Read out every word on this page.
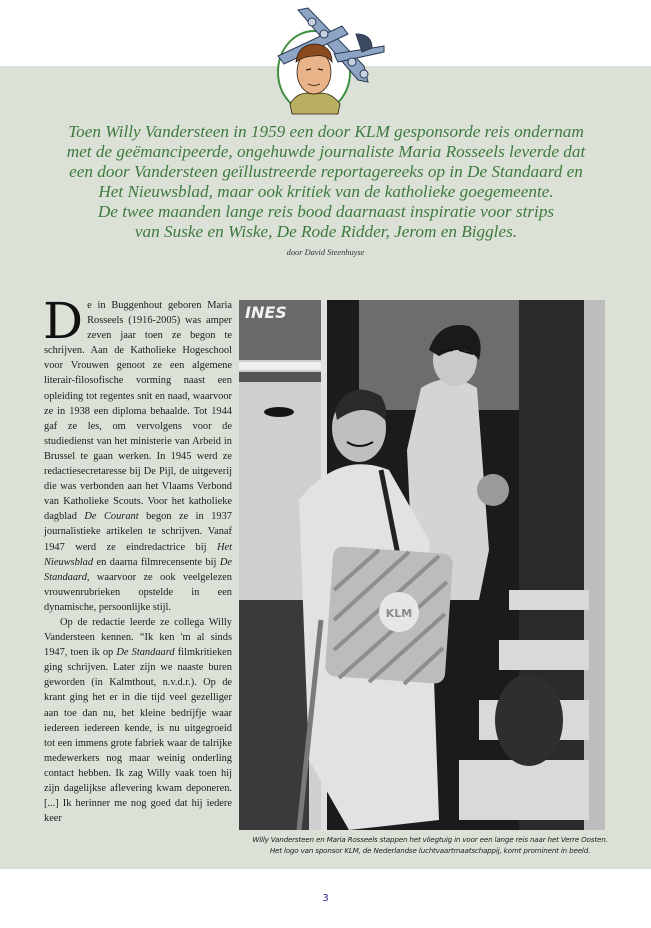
Toen Willy Vandersteen in 1959 een door KLM gesponsorde reis ondernam
met de geëmancipeerde, ongehuwde journaliste Maria Rosseels leverde dat
een door Vandersteen geïllustreerde reportagereeks op in De Standaard en
Het Nieuwsblad, maar ook kritiek van de katholieke goegemeente.
De twee maanden lange reis bood daarnaast inspiratie voor strips
van Suske en Wiske, De Rode Ridder, Jerom en Biggles.
door David Steenhuyse

De in Buggenhout geboren Maria Rosseels (1916-2005) was amper zeven jaar toen ze begon te schrijven. Aan de Katholieke Hogeschool voor Vrouwen genoot ze een algemene literair-filosofische vorming naast een opleiding tot regentes snit en naad, waarvoor ze in 1938 een diploma behaalde. Tot 1944 gaf ze les, om vervolgens voor de studiedienst van het ministerie van Arbeid in Brussel te gaan werken. In 1945 werd ze redactiesecretaresse bij De Pijl, de uitgeverij die was verbonden aan het Vlaams Verbond van Katholieke Scouts. Voor het katholieke dagblad De Courant begon ze in 1937 journalistieke artikelen te schrijven. Vanaf 1947 werd ze eindredactrice bij Het Nieuwsblad en daarna filmrecensente bij De Standaard, waarvoor ze ook veelgelezen vrouwenrubrieken opstelde in een dynamische, persoonlijke stijl.

Op de redactie leerde ze collega Willy Vandersteen kennen. “Ik ken 'm al sinds 1947, toen ik op De Standaard filmkritieken ging schrijven. Later zijn we naaste buren geworden (in Kalmthout, n.v.d.r.). Op de krant ging het er in die tijd veel gezelliger aan toe dan nu, het kleine bedrijfje waar iedereen iedereen kende, is nu uitgegroeid tot een immens grote fabriek waar de talrijke medewerkers nog maar weinig onderling contact hebben. Ik zag Willy vaak toen hij zijn dagelijkse aflevering kwam deponeren. [...] Ik herinner me nog goed dat hij iedere keer

INES
KLM
Willy Vandersteen en Maria Rosseels stappen het vliegtuig in voor een lange reis naar het Verre Oosten.
Het logo van sponsor KLM, de Nederlandse luchtvaartmaatschappij, komt prominent in beeld.
3
